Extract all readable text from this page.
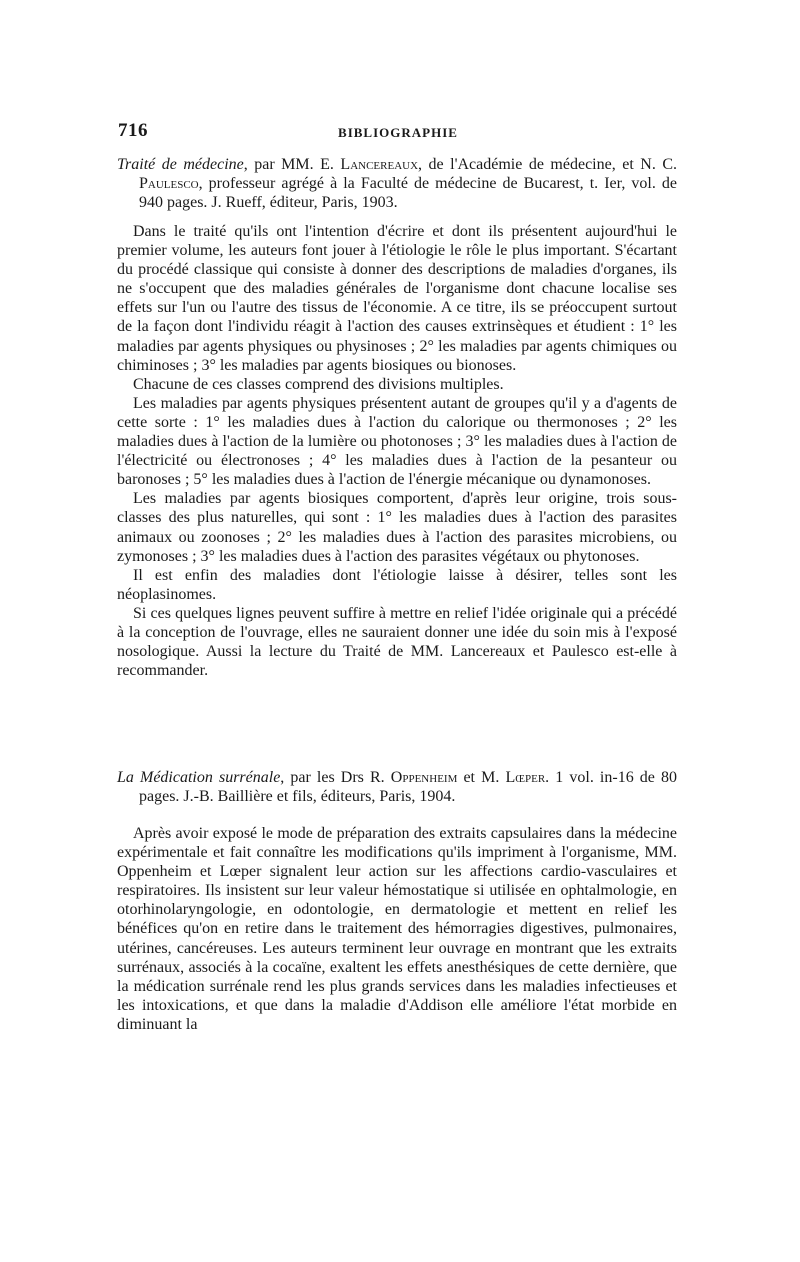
716	BIBLIOGRAPHIE

Traité de médecine, par MM. E. Lancereaux, de l'Académie de médecine, et N. C. Paulesco, professeur agrégé à la Faculté de médecine de Bucarest, t. Ier, vol. de 940 pages. J. Rueff, éditeur, Paris, 1903.

Dans le traité qu'ils ont l'intention d'écrire et dont ils présentent aujourd'hui le premier volume, les auteurs font jouer à l'étiologie le rôle le plus important. S'écartant du procédé classique qui consiste à donner des descriptions de maladies d'organes, ils ne s'occupent que des maladies générales de l'organisme dont chacune localise ses effets sur l'un ou l'autre des tissus de l'économie. A ce titre, ils se préoccupent surtout de la façon dont l'individu réagit à l'action des causes extrinsèques et étudient : 1° les maladies par agents physiques ou physinoses ; 2° les maladies par agents chimiques ou chiminoses ; 3° les maladies par agents biosiques ou bionoses.

Chacune de ces classes comprend des divisions multiples.

Les maladies par agents physiques présentent autant de groupes qu'il y a d'agents de cette sorte : 1° les maladies dues à l'action du calorique ou thermonoses ; 2° les maladies dues à l'action de la lumière ou photonoses ; 3° les maladies dues à l'action de l'électricité ou électronoses ; 4° les maladies dues à l'action de la pesanteur ou baronoses ; 5° les maladies dues à l'action de l'énergie mécanique ou dynamonoses.

Les maladies par agents biosiques comportent, d'après leur origine, trois sous-classes des plus naturelles, qui sont : 1° les maladies dues à l'action des parasites animaux ou zoonoses ; 2° les maladies dues à l'action des parasites microbiens, ou zymonoses ; 3° les maladies dues à l'action des parasites végétaux ou phytonoses.

Il est enfin des maladies dont l'étiologie laisse à désirer, telles sont les néoplasinomes.

Si ces quelques lignes peuvent suffire à mettre en relief l'idée originale qui a précédé à la conception de l'ouvrage, elles ne sauraient donner une idée du soin mis à l'exposé nosologique. Aussi la lecture du Traité de MM. Lancereaux et Paulesco est-elle à recommander.

La Médication surrénale, par les Drs R. Oppenheim et M. Lœper. 1 vol. in-16 de 80 pages. J.-B. Baillière et fils, éditeurs, Paris, 1904.

Après avoir exposé le mode de préparation des extraits capsulaires dans la médecine expérimentale et fait connaître les modifications qu'ils impriment à l'organisme, MM. Oppenheim et Lœper signalent leur action sur les affections cardio-vasculaires et respiratoires. Ils insistent sur leur valeur hémostatique si utilisée en ophtalmologie, en otorhinolaryngologie, en odontologie, en dermatologie et mettent en relief les bénéfices qu'on en retire dans le traitement des hémorragies digestives, pulmonaires, utérines, cancéreuses. Les auteurs terminent leur ouvrage en montrant que les extraits surrénaux, associés à la cocaïne, exaltent les effets anesthésiques de cette dernière, que la médication surrénale rend les plus grands services dans les maladies infectieuses et les intoxications, et que dans la maladie d'Addison elle améliore l'état morbide en diminuant la
